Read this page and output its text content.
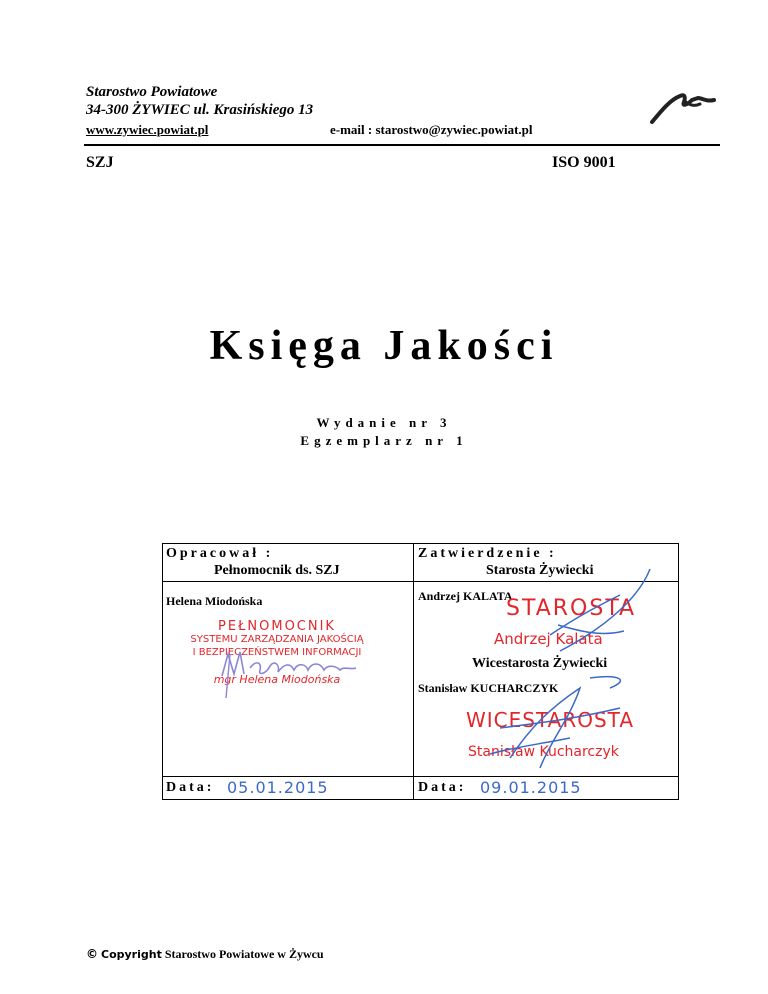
Starostwo Powiatowe
34-300 ŻYWIEC ul. Krasińskiego 13
www.zywiec.powiat.pl	e-mail : starostwo@zywiec.powiat.pl
SZJ	ISO 9001
Księga Jakości
Wydanie nr 3
Egzemplarz nr 1
Opracował :
Pełnomocnik ds. SZJ
Helena Miodońska
PEŁNOMOCNIK
SYSTEMU ZARZĄDZANIA JAKOŚCIĄ
I BEZPIECZEŃSTWEM INFORMACJI
mgr Helena Miodońska
Data: 05.01.2015
Zatwierdzenie :
Starosta Żywiecki
Andrzej KALATA
STAROSTA
Andrzej Kalata
Wicestarosta Żywiecki
Stanisław KUCHARCZYK
WICESTAROSTA
Stanisław Kucharczyk
Data: 09.01.2015
© Copyright Starostwo Powiatowe w Żywcu
